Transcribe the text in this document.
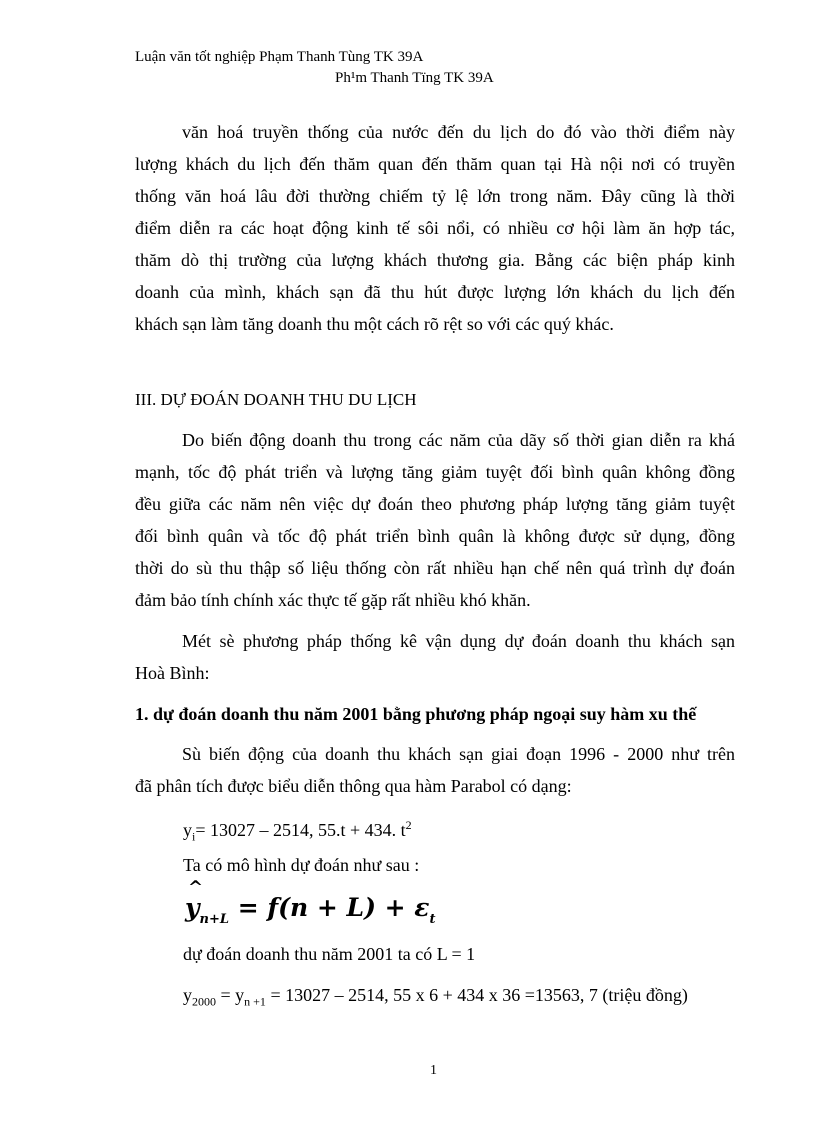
Luận văn tốt nghiệp Phạm Thanh Tùng TK 39A
Ph¹m Thanh Tïng TK 39A
văn hoá truyền thống của nước đến du lịch do đó vào thời điểm này
lượng khách du lịch đến thăm quan đến thăm quan tại Hà nội nơi có truyền
thống văn hoá lâu đời thường chiếm tỷ lệ lớn trong năm. Đây cũng là thời
điểm diễn ra các hoạt động kinh tế sôi nổi, có nhiều cơ hội làm ăn hợp tác,
thăm dò thị trường của lượng khách thương gia. Bằng các biện pháp kinh
doanh của mình, khách sạn đã thu hút được lượng lớn khách du lịch đến
khách sạn làm tăng doanh thu một cách rõ rệt so với các quý khác.
III. DỰ ĐOÁN DOANH THU DU LỊCH
Do biến động doanh thu trong các năm của dãy số thời gian diễn ra khá
mạnh, tốc độ phát triển và lượng tăng giảm tuyệt đối bình quân không đồng
đều giữa các năm nên việc dự đoán theo phương pháp lượng tăng giảm tuyệt
đối bình quân và tốc độ phát triển bình quân là không được sử dụng, đồng
thời do sù thu thập số liệu thống còn rất nhiều hạn chế nên quá trình dự đoán
đảm bảo tính chính xác thực tế gặp rất nhiều khó khăn.
Mét sè phương pháp thống kê vận dụng dự đoán doanh thu khách sạn
Hoà Bình:
1. dự đoán doanh thu năm 2001 bằng phương pháp ngoại suy hàm xu thế
Sù biến động của doanh thu khách sạn giai đoạn 1996 - 2000 như trên
đã phân tích được biểu diễn thông qua hàm Parabol có dạng:
$y_i= 13027 - 2514$, 55.t + 434. $t^2$
Ta có mô hình dự đoán như sau :
^ $y_{n+L} = f(n + L) + \varepsilon_t$
dự đoán doanh thu năm 2001 ta có L = 1
$y_{2000} = y_{n +1} = 13027 - 2514$, 55 x 6 + 434 x 36 =13563, 7 (triệu đồng)
1
